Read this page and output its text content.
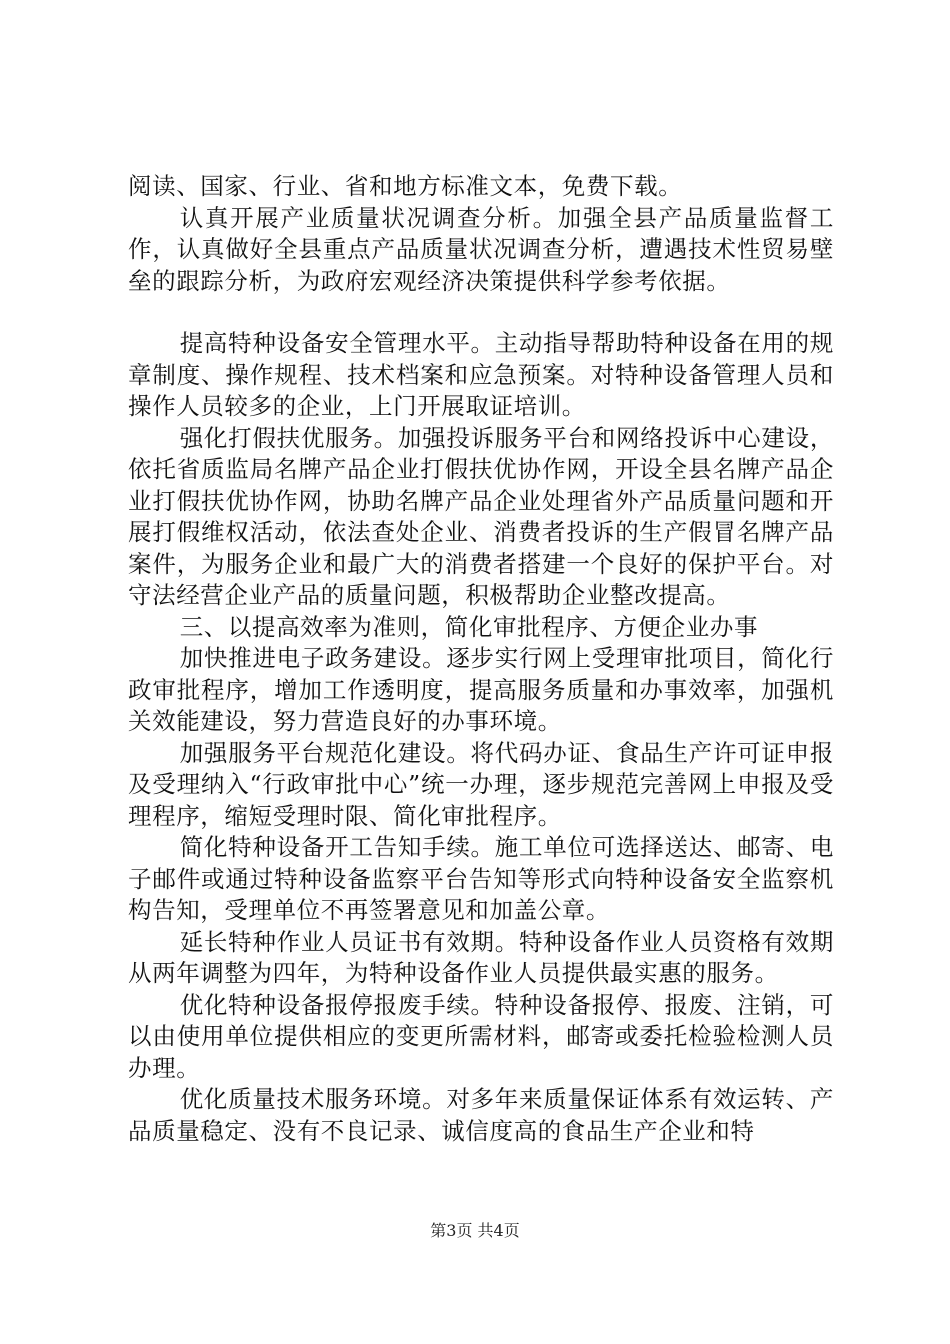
阅读、国家、行业、省和地方标准文本，免费下载。

认真开展产业质量状况调查分析。加强全县产品质量监督工作，认真做好全县重点产品质量状况调查分析，遭遇技术性贸易壁垒的跟踪分析，为政府宏观经济决策提供科学参考依据。

提高特种设备安全管理水平。主动指导帮助特种设备在用的规章制度、操作规程、技术档案和应急预案。对特种设备管理人员和操作人员较多的企业，上门开展取证培训。

强化打假扶优服务。加强投诉服务平台和网络投诉中心建设，依托省质监局名牌产品企业打假扶优协作网，开设全县名牌产品企业打假扶优协作网，协助名牌产品企业处理省外产品质量问题和开展打假维权活动，依法查处企业、消费者投诉的生产假冒名牌产品案件，为服务企业和最广大的消费者搭建一个良好的保护平台。对守法经营企业产品的质量问题，积极帮助企业整改提高。

三、以提高效率为准则，简化审批程序、方便企业办事

加快推进电子政务建设。逐步实行网上受理审批项目，简化行政审批程序，增加工作透明度，提高服务质量和办事效率，加强机关效能建设，努力营造良好的办事环境。

加强服务平台规范化建设。将代码办证、食品生产许可证申报及受理纳入“行政审批中心”统一办理，逐步规范完善网上申报及受理程序，缩短受理时限、简化审批程序。

简化特种设备开工告知手续。施工单位可选择送达、邮寄、电子邮件或通过特种设备监察平台告知等形式向特种设备安全监察机构告知，受理单位不再签署意见和加盖公章。

延长特种作业人员证书有效期。特种设备作业人员资格有效期从两年调整为四年，为特种设备作业人员提供最实惠的服务。

优化特种设备报停报废手续。特种设备报停、报废、注销，可以由使用单位提供相应的变更所需材料，邮寄或委托检验检测人员办理。

优化质量技术服务环境。对多年来质量保证体系有效运转、产品质量稳定、没有不良记录、诚信度高的食品生产企业和特

第3页 共4页
